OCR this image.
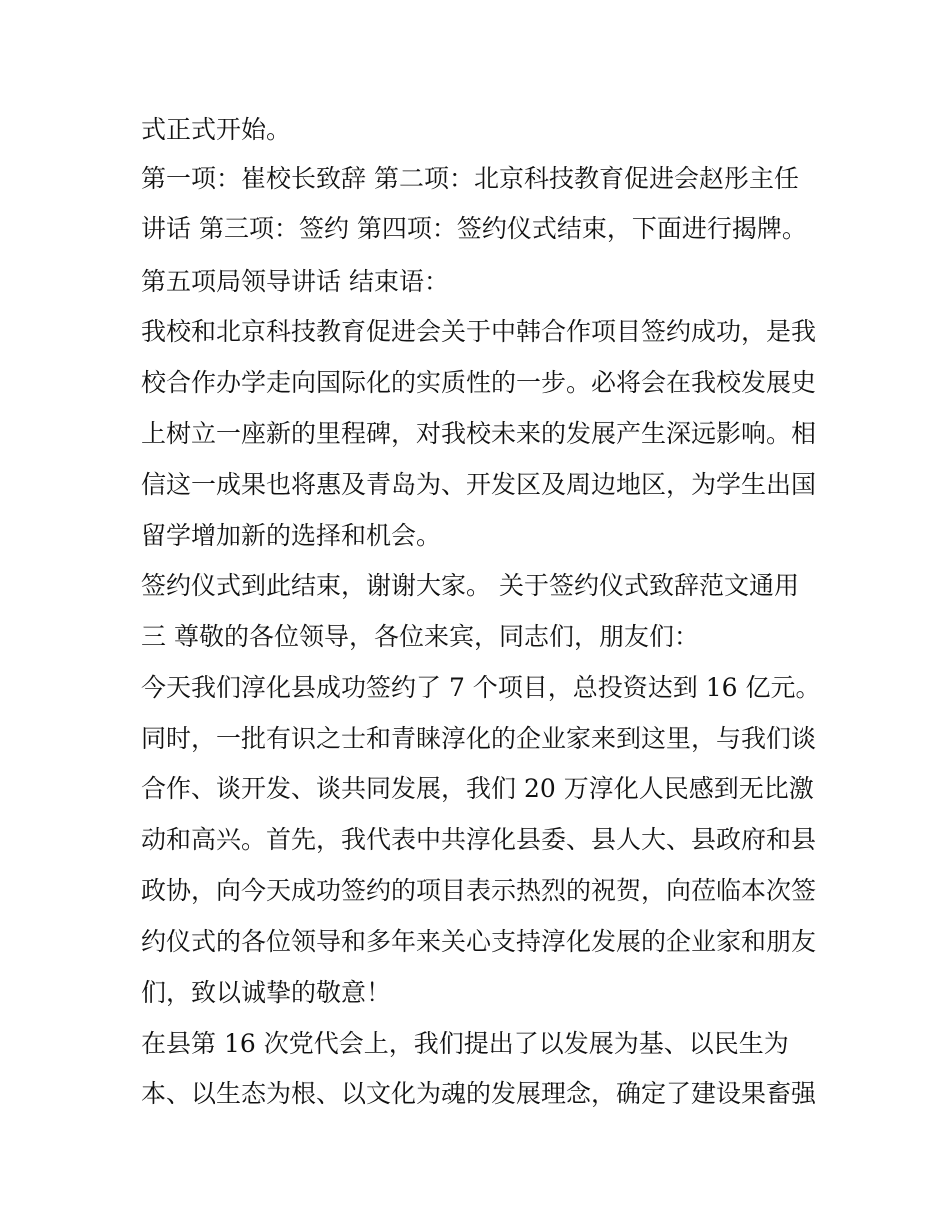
式正式开始。
第一项：崔校长致辞 第二项：北京科技教育促进会赵彤主任
讲话 第三项：签约 第四项：签约仪式结束，下面进行揭牌。
第五项局领导讲话 结束语：
我校和北京科技教育促进会关于中韩合作项目签约成功，是我
校合作办学走向国际化的实质性的一步。必将会在我校发展史
上树立一座新的里程碑，对我校未来的发展产生深远影响。相
信这一成果也将惠及青岛为、开发区及周边地区，为学生出国
留学增加新的选择和机会。
签约仪式到此结束，谢谢大家。 关于签约仪式致辞范文通用
三 尊敬的各位领导，各位来宾，同志们，朋友们：
今天我们淳化县成功签约了 7 个项目，总投资达到 16 亿元。
同时，一批有识之士和青睐淳化的企业家来到这里，与我们谈
合作、谈开发、谈共同发展，我们 20 万淳化人民感到无比激
动和高兴。首先，我代表中共淳化县委、县人大、县政府和县
政协，向今天成功签约的项目表示热烈的祝贺，向莅临本次签
约仪式的各位领导和多年来关心支持淳化发展的企业家和朋友
们，致以诚挚的敬意！
在县第 16 次党代会上，我们提出了以发展为基、以民生为
本、以生态为根、以文化为魂的发展理念，确定了建设果畜强
